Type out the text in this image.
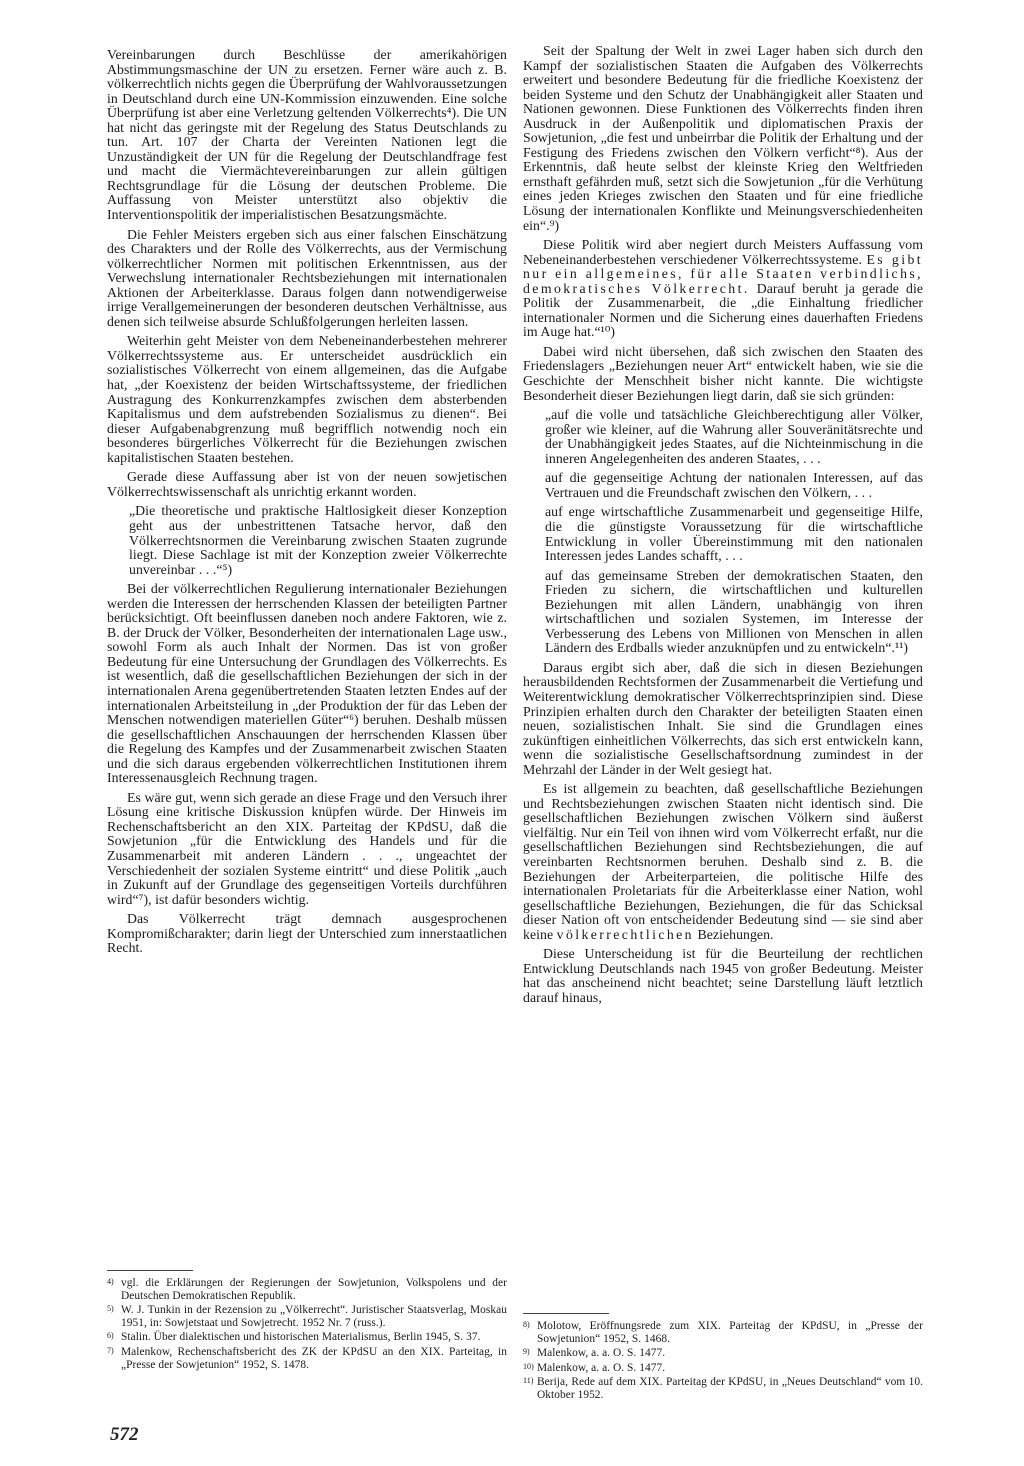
Vereinbarungen durch Beschlüsse der amerikahörigen Abstimmungsmaschine der UN zu ersetzen. Ferner wäre auch z. B. völkerrechtlich nichts gegen die Überprüfung der Wahlvoraussetzungen in Deutschland durch eine UN-Kommission einzuwenden. Eine solche Überprüfung ist aber eine Verletzung geltenden Völkerrechts⁴). Die UN hat nicht das geringste mit der Regelung des Status Deutschlands zu tun. Art. 107 der Charta der Vereinten Nationen legt die Unzuständigkeit der UN für die Regelung der Deutschlandfrage fest und macht die Viermächtevereinbarungen zur allein gültigen Rechtsgrundlage für die Lösung der deutschen Probleme. Die Auffassung von Meister unterstützt also objektiv die Interventionspolitik der imperialistischen Besatzungsmächte.

Die Fehler Meisters ergeben sich aus einer falschen Einschätzung des Charakters und der Rolle des Völkerrechts, aus der Vermischung völkerrechtlicher Normen mit politischen Erkenntnissen, aus der Verwechslung internationaler Rechtsbeziehungen mit internationalen Aktionen der Arbeiterklasse. Daraus folgen dann notwendigerweise irrige Verallgemeinerungen der besonderen deutschen Verhältnisse, aus denen sich teilweise absurde Schlußfolgerungen herleiten lassen.

Weiterhin geht Meister von dem Nebeneinanderbestehen mehrerer Völkerrechtssysteme aus. Er unterscheidet ausdrücklich ein sozialistisches Völkerrecht von einem allgemeinen, das die Aufgabe hat, „der Koexistenz der beiden Wirtschaftssysteme, der friedlichen Austragung des Konkurrenzkampfes zwischen dem absterbenden Kapitalismus und dem aufstrebenden Sozialismus zu dienen“. Bei dieser Aufgabenabgrenzung muß begrifflich notwendig noch ein besonderes bürgerliches Völkerrecht für die Beziehungen zwischen kapitalistischen Staaten bestehen.

Gerade diese Auffassung aber ist von der neuen sowjetischen Völkerrechtswissenschaft als unrichtig erkannt worden.

„Die theoretische und praktische Haltlosigkeit dieser Konzeption geht aus der unbestrittenen Tatsache hervor, daß den Völkerrechtsnormen die Vereinbarung zwischen Staaten zugrunde liegt. Diese Sachlage ist mit der Konzeption zweier Völkerrechte unvereinbar . . .“⁵)

Bei der völkerrechtlichen Regulierung internationaler Beziehungen werden die Interessen der herrschenden Klassen der beteiligten Partner berücksichtigt. Oft beeinflussen daneben noch andere Faktoren, wie z. B. der Druck der Völker, Besonderheiten der internationalen Lage usw., sowohl Form als auch Inhalt der Normen. Das ist von großer Bedeutung für eine Untersuchung der Grundlagen des Völkerrechts. Es ist wesentlich, daß die gesellschaftlichen Beziehungen der sich in der internationalen Arena gegenübertretenden Staaten letzten Endes auf der internationalen Arbeitsteilung in „der Produktion der für das Leben der Menschen notwendigen materiellen Güter“⁶) beruhen. Deshalb müssen die gesellschaftlichen Anschauungen der herrschenden Klassen über die Regelung des Kampfes und der Zusammenarbeit zwischen Staaten und die sich daraus ergebenden völkerrechtlichen Institutionen ihrem Interessenausgleich Rechnung tragen.

Es wäre gut, wenn sich gerade an diese Frage und den Versuch ihrer Lösung eine kritische Diskussion knüpfen würde. Der Hinweis im Rechenschaftsbericht an den XIX. Parteitag der KPdSU, daß die Sowjetunion „für die Entwicklung des Handels und für die Zusammenarbeit mit anderen Ländern . . ., ungeachtet der Verschiedenheit der sozialen Systeme eintritt“ und diese Politik „auch in Zukunft auf der Grundlage des gegenseitigen Vorteils durchführen wird“⁷), ist dafür besonders wichtig.

Das Völkerrecht trägt demnach ausgesprochenen Kompromißcharakter; darin liegt der Unterschied zum innerstaatlichen Recht.

Seit der Spaltung der Welt in zwei Lager haben sich durch den Kampf der sozialistischen Staaten die Aufgaben des Völkerrechts erweitert und besondere Bedeutung für die friedliche Koexistenz der beiden Systeme und den Schutz der Unabhängigkeit aller Staaten und Nationen gewonnen. Diese Funktionen des Völkerrechts finden ihren Ausdruck in der Außenpolitik und diplomatischen Praxis der Sowjetunion, „die fest und unbeirrbar die Politik der Erhaltung und der Festigung des Friedens zwischen den Völkern verficht“⁸). Aus der Erkenntnis, daß heute selbst der kleinste Krieg den Weltfrieden ernsthaft gefährden muß, setzt sich die Sowjetunion „für die Verhütung eines jeden Krieges zwischen den Staaten und für eine friedliche Lösung der internationalen Konflikte und Meinungsverschiedenheiten ein“.⁹)

Diese Politik wird aber negiert durch Meisters Auffassung vom Nebeneinanderbestehen verschiedener Völkerrechtssysteme. Es gibt nur ein allgemeines, für alle Staaten verbindlichs, demokratisches Völkerrecht. Darauf beruht ja gerade die Politik der Zusammenarbeit, die „die Einhaltung friedlicher internationaler Normen und die Sicherung eines dauerhaften Friedens im Auge hat.“¹⁰)

Dabei wird nicht übersehen, daß sich zwischen den Staaten des Friedenslagers „Beziehungen neuer Art“ entwickelt haben, wie sie die Geschichte der Menschheit bisher nicht kannte. Die wichtigste Besonderheit dieser Beziehungen liegt darin, daß sie sich gründen:

„auf die volle und tatsächliche Gleichberechtigung aller Völker, großer wie kleiner, auf die Wahrung aller Souveränitätsrechte und der Unabhängigkeit jedes Staates, auf die Nichteinmischung in die inneren Angelegenheiten des anderen Staates, . . .

auf die gegenseitige Achtung der nationalen Interessen, auf das Vertrauen und die Freundschaft zwischen den Völkern, . . .

auf enge wirtschaftliche Zusammenarbeit und gegenseitige Hilfe, die die günstigste Voraussetzung für die wirtschaftliche Entwicklung in voller Übereinstimmung mit den nationalen Interessen jedes Landes schafft, . . .

auf das gemeinsame Streben der demokratischen Staaten, den Frieden zu sichern, die wirtschaftlichen und kulturellen Beziehungen mit allen Ländern, unabhängig von ihren wirtschaftlichen und sozialen Systemen, im Interesse der Verbesserung des Lebens von Millionen von Menschen in allen Ländern des Erdballs wieder anzuknüpfen und zu entwickeln“.¹¹)

Daraus ergibt sich aber, daß die sich in diesen Beziehungen herausbildenden Rechtsformen der Zusammenarbeit die Vertiefung und Weiterentwicklung demokratischer Völkerrechtsprinzipien sind. Diese Prinzipien erhalten durch den Charakter der beteiligten Staaten einen neuen, sozialistischen Inhalt. Sie sind die Grundlagen eines zukünftigen einheitlichen Völkerrechts, das sich erst entwickeln kann, wenn die sozialistische Gesellschaftsordnung zumindest in der Mehrzahl der Länder in der Welt gesiegt hat.

Es ist allgemein zu beachten, daß gesellschaftliche Beziehungen und Rechtsbeziehungen zwischen Staaten nicht identisch sind. Die gesellschaftlichen Beziehungen zwischen Völkern sind äußerst vielfältig. Nur ein Teil von ihnen wird vom Völkerrecht erfaßt, nur die gesellschaftlichen Beziehungen sind Rechtsbeziehungen, die auf vereinbarten Rechtsnormen beruhen. Deshalb sind z. B. die Beziehungen der Arbeiterparteien, die politische Hilfe des internationalen Proletariats für die Arbeiterklasse einer Nation, wohl gesellschaftliche Beziehungen, Beziehungen, die für das Schicksal dieser Nation oft von entscheidender Bedeutung sind — sie sind aber keine völkerrechtlichen Beziehungen.

Diese Unterscheidung ist für die Beurteilung der rechtlichen Entwicklung Deutschlands nach 1945 von großer Bedeutung. Meister hat das anscheinend nicht beachtet; seine Darstellung läuft letztlich darauf hinaus,

4) vgl. die Erklärungen der Regierungen der Sowjetunion, Volkspolens und der Deutschen Demokratischen Republik.

5) W. J. Tunkin in der Rezension zu „Völkerrecht“. Juristischer Staatsverlag, Moskau 1951, in: Sowjetstaat und Sowjetrecht. 1952 Nr. 7 (russ.).

6) Stalin. Über dialektischen und historischen Materialismus, Berlin 1945, S. 37.

7) Malenkow, Rechenschaftsbericht des ZK der KPdSU an den XIX. Parteitag, in „Presse der Sowjetunion“ 1952, S. 1478.

8) Molotow, Eröffnungsrede zum XIX. Parteitag der KPdSU, in „Presse der Sowjetunion“ 1952, S. 1468.

9) Malenkow, a. a. O. S. 1477.

10) Malenkow, a. a. O. S. 1477.

11) Berija, Rede auf dem XIX. Parteitag der KPdSU, in „Neues Deutschland“ vom 10. Oktober 1952.

572
